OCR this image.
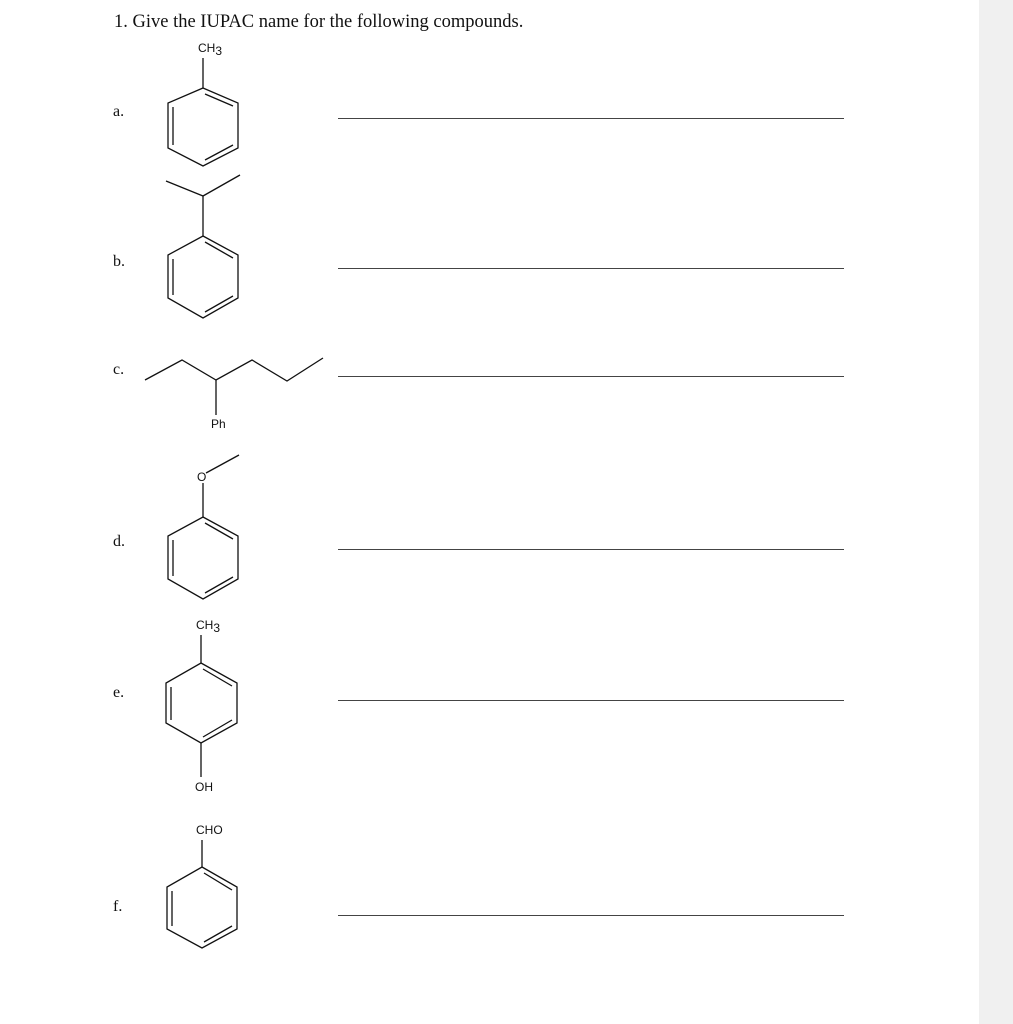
1. Give the IUPAC name for the following compounds.
a.
b.
c.
d.
e.
f.
CH3
Ph
O
CH3
OH
CHO
